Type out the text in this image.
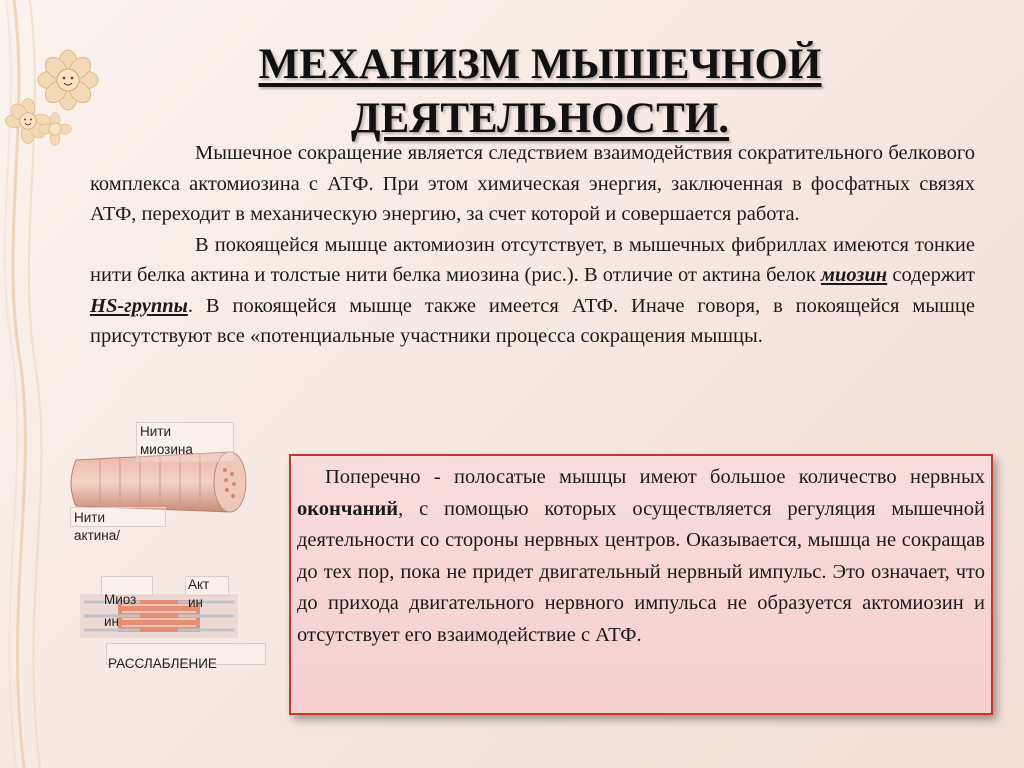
МЕХАНИЗМ МЫШЕЧНОЙ
ДЕЯТЕЛЬНОСТИ.

Мышечное сокращение является следствием взаимодействия сократительного белкового комплекса актомиозина с АТФ. При этом химическая энергия, заключенная в фосфатных связях АТФ, переходит в механическую энергию, за счет которой и совершается работа.

В покоящейся мышце актомиозин отсутствует, в мышечных фибриллах имеются тонкие нити белка актина и толстые нити белка миозина (рис.). В отличие от актина белок миозин содержит HS-группы. В покоящейся мышце также имеется АТФ. Иначе говоря, в покоящейся мышце присутствуют все «потенциальные участники процесса сокращения мышцы.

Нити миозина
Нити актина/
Миоз ин
Акт ин
РАССЛАБЛЕНИЕ

Поперечно - полосатые мышцы имеют большое количество нервных окончаний, с помощью которых осуществляется регуляция мышечной деятельности со стороны нервных центров. Оказывается, мышца не сокращав до тех пор, пока не придет двигательный нервный импульс. Это означает, что до прихода двигательного нервного импульса не образуется актомиозин и отсутствует его взаимодействие с АТФ.
